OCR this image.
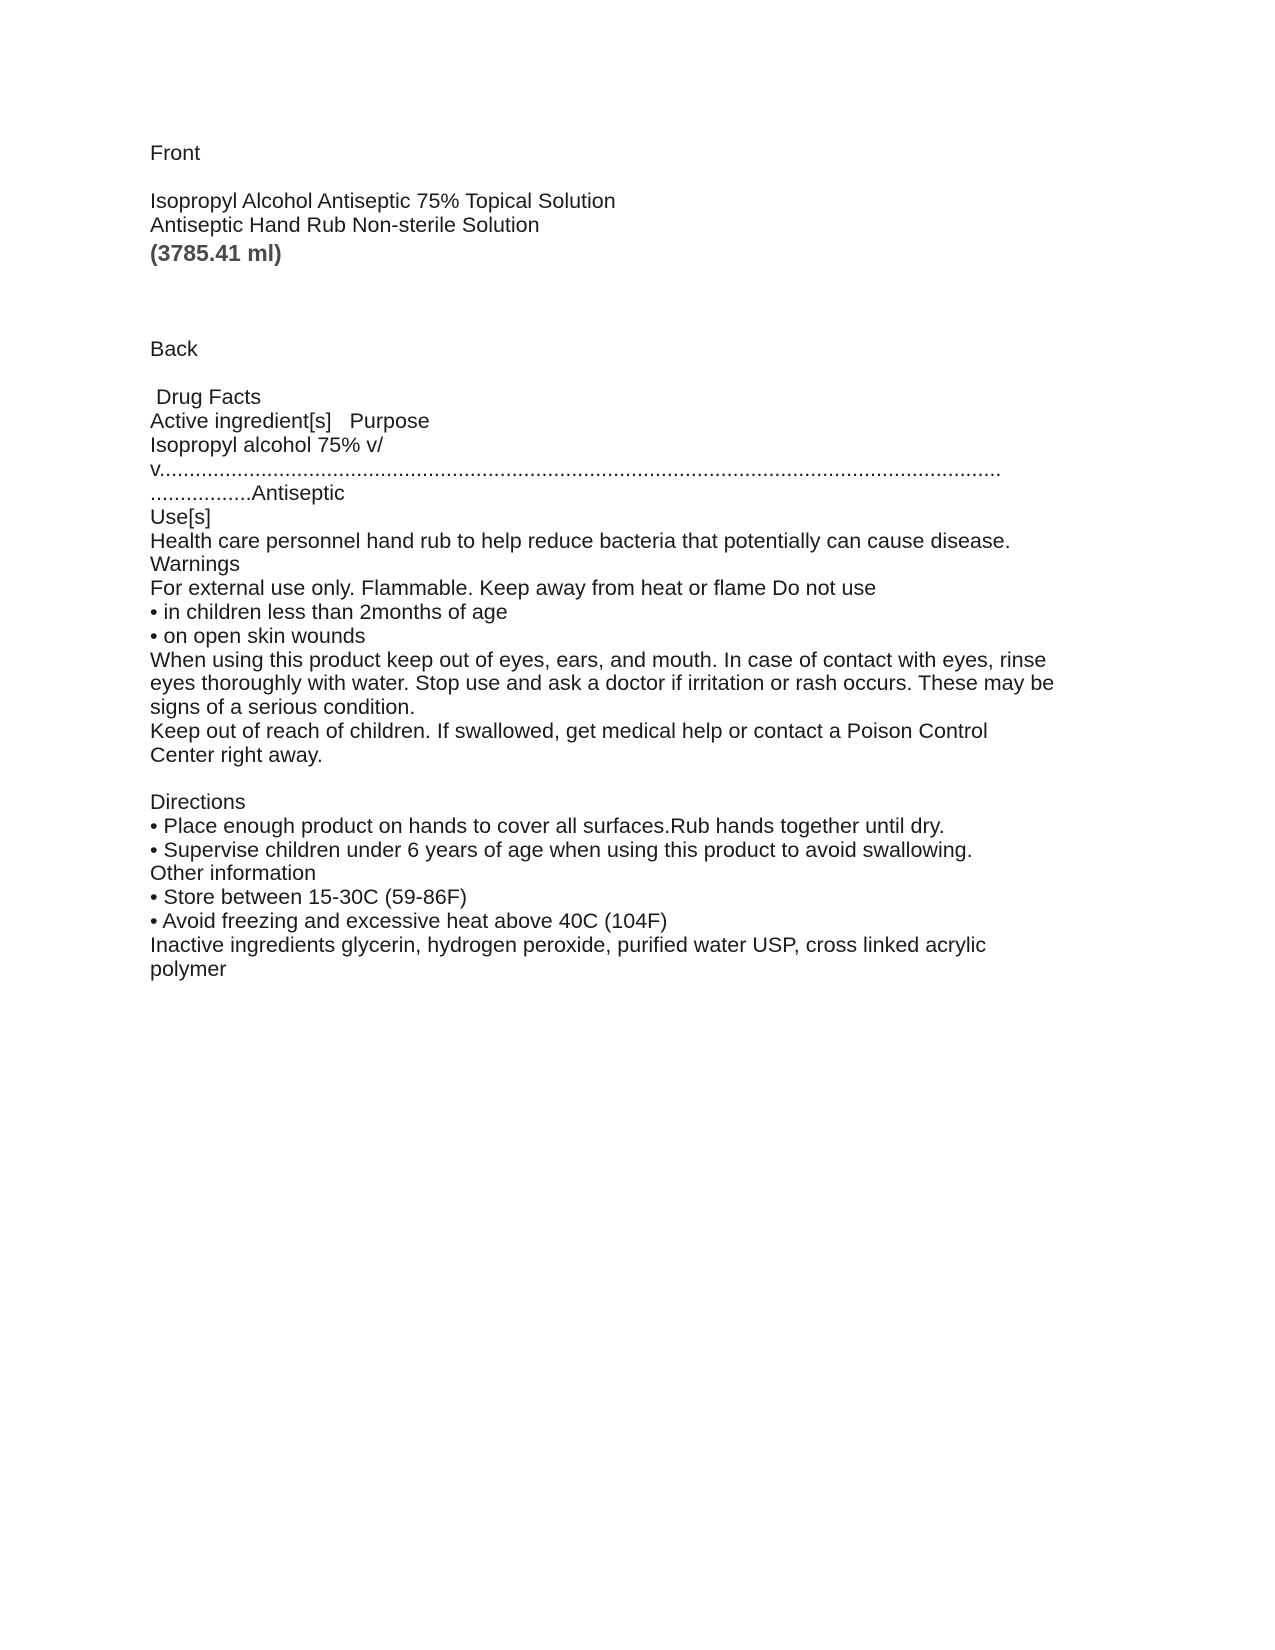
Front
Isopropyl Alcohol Antiseptic 75% Topical Solution
Antiseptic Hand Rub Non-sterile Solution
(3785.41 ml)
Back
Drug Facts
Active ingredient[s]   Purpose
Isopropyl alcohol 75% v/
v.............................................................................................................................................
.................Antiseptic
Use[s]
Health care personnel hand rub to help reduce bacteria that potentially can cause disease.
Warnings
For external use only. Flammable. Keep away from heat or flame Do not use
• in children less than 2months of age
• on open skin wounds
When using this product keep out of eyes, ears, and mouth. In case of contact with eyes, rinse
eyes thoroughly with water. Stop use and ask a doctor if irritation or rash occurs. These may be
signs of a serious condition.
Keep out of reach of children. If swallowed, get medical help or contact a Poison Control
Center right away.
Directions
• Place enough product on hands to cover all surfaces.Rub hands together until dry.
• Supervise children under 6 years of age when using this product to avoid swallowing.
Other information
• Store between 15-30C (59-86F)
• Avoid freezing and excessive heat above 40C (104F)
Inactive ingredients glycerin, hydrogen peroxide, purified water USP, cross linked acrylic
polymer
